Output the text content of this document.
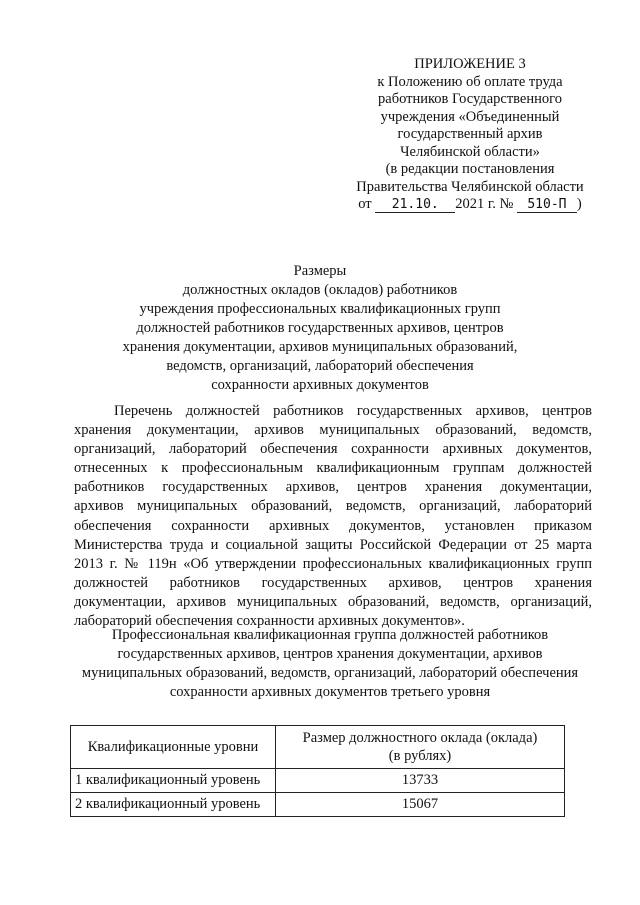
ПРИЛОЖЕНИЕ 3
к Положению об оплате труда
работников Государственного
учреждения «Объединенный
государственный архив
Челябинской области»
(в редакции постановления
Правительства Челябинской области
от 21.10. 2021 г. № 510-П )
Размеры
должностных окладов (окладов) работников
учреждения профессиональных квалификационных групп
должностей работников государственных архивов, центров
хранения документации, архивов муниципальных образований,
ведомств, организаций, лабораторий обеспечения
сохранности архивных документов
Перечень должностей работников государственных архивов, центров
хранения документации, архивов муниципальных образований, ведомств,
организаций, лабораторий обеспечения сохранности архивных документов,
отнесенных к профессиональным квалификационным группам должностей
работников государственных архивов, центров хранения документации,
архивов муниципальных образований, ведомств, организаций, лабораторий
обеспечения сохранности архивных документов, установлен приказом
Министерства труда и социальной защиты Российской Федерации от 25 марта
2013 г. № 119н «Об утверждении профессиональных квалификационных групп
должностей работников государственных архивов, центров хранения
документации, архивов муниципальных образований, ведомств, организаций,
лабораторий обеспечения сохранности архивных документов».
Профессиональная квалификационная группа должностей работников
государственных архивов, центров хранения документации, архивов
муниципальных образований, ведомств, организаций, лабораторий обеспечения
сохранности архивных документов третьего уровня
Квалификационные уровни	Размер должностного оклада (оклада)
(в рублях)

1 квалификационный уровень	13733
2 квалификационный уровень	15067
